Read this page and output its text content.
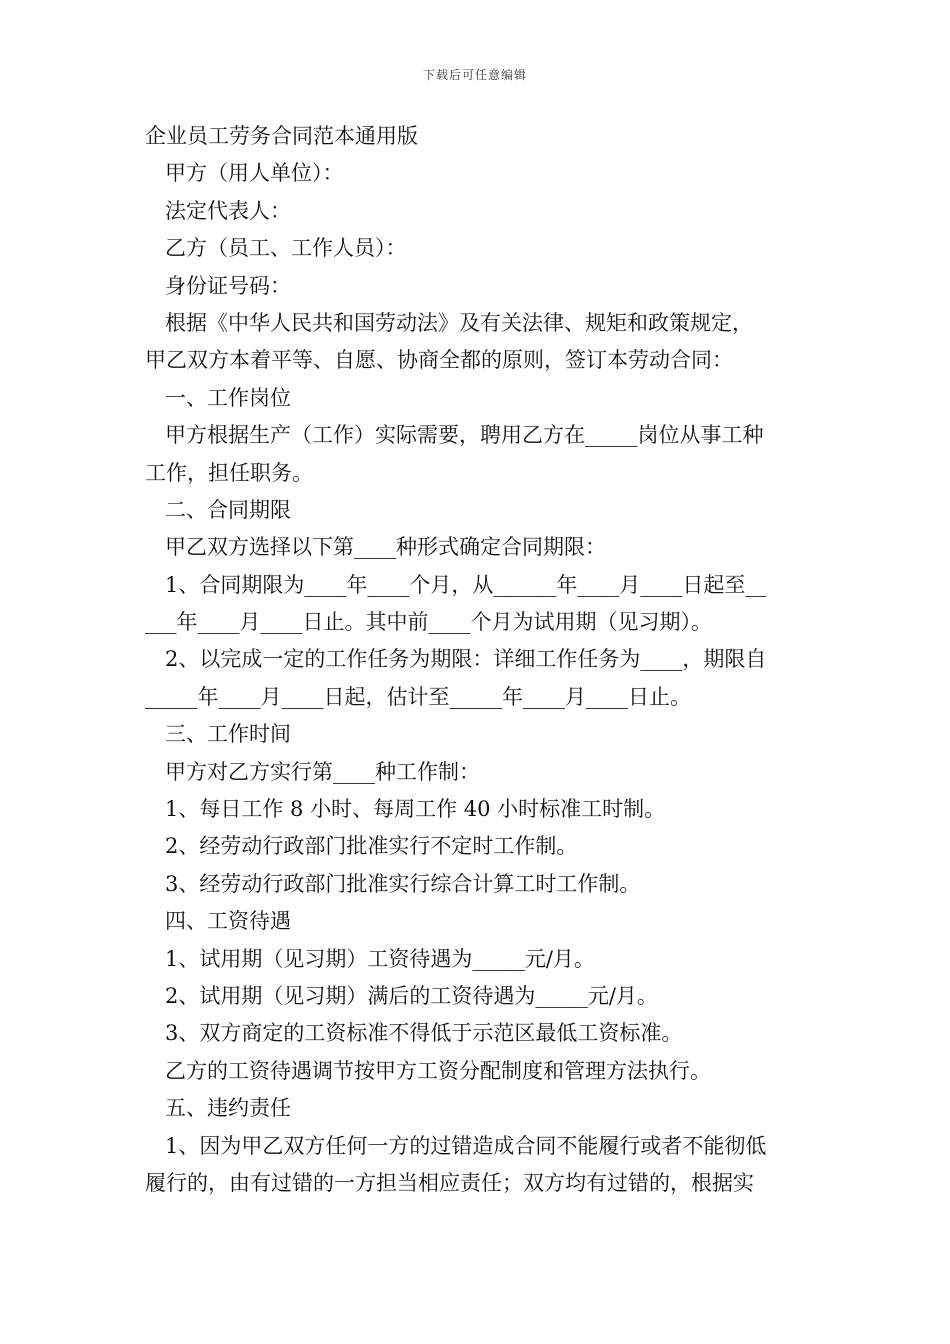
下载后可任意编辑
企业员工劳务合同范本通用版
甲方（用人单位）：
法定代表人：
乙方（员工、工作人员）：
身份证号码：
根据《中华人民共和国劳动法》及有关法律、规矩和政策规定，
甲乙双方本着平等、自愿、协商全都的原则，签订本劳动合同：
一、工作岗位
甲方根据生产（工作）实际需要，聘用乙方在_____岗位从事工种
工作，担任职务。
二、合同期限
甲乙双方选择以下第____种形式确定合同期限：
1、合同期限为____年____个月，从______年____月____日起至__
___年____月____日止。其中前____个月为试用期（见习期）。
2、以完成一定的工作任务为期限：详细工作任务为____，期限自
_____年____月____日起，估计至_____年____月____日止。
三、工作时间
甲方对乙方实行第____种工作制：
1、每日工作 8 小时、每周工作 40 小时标准工时制。
2、经劳动行政部门批准实行不定时工作制。
3、经劳动行政部门批准实行综合计算工时工作制。
四、工资待遇
1、试用期（见习期）工资待遇为_____元/月。
2、试用期（见习期）满后的工资待遇为_____元/月。
3、双方商定的工资标准不得低于示范区最低工资标准。
乙方的工资待遇调节按甲方工资分配制度和管理方法执行。
五、违约责任
1、因为甲乙双方任何一方的过错造成合同不能履行或者不能彻低
履行的，由有过错的一方担当相应责任；双方均有过错的，根据实
